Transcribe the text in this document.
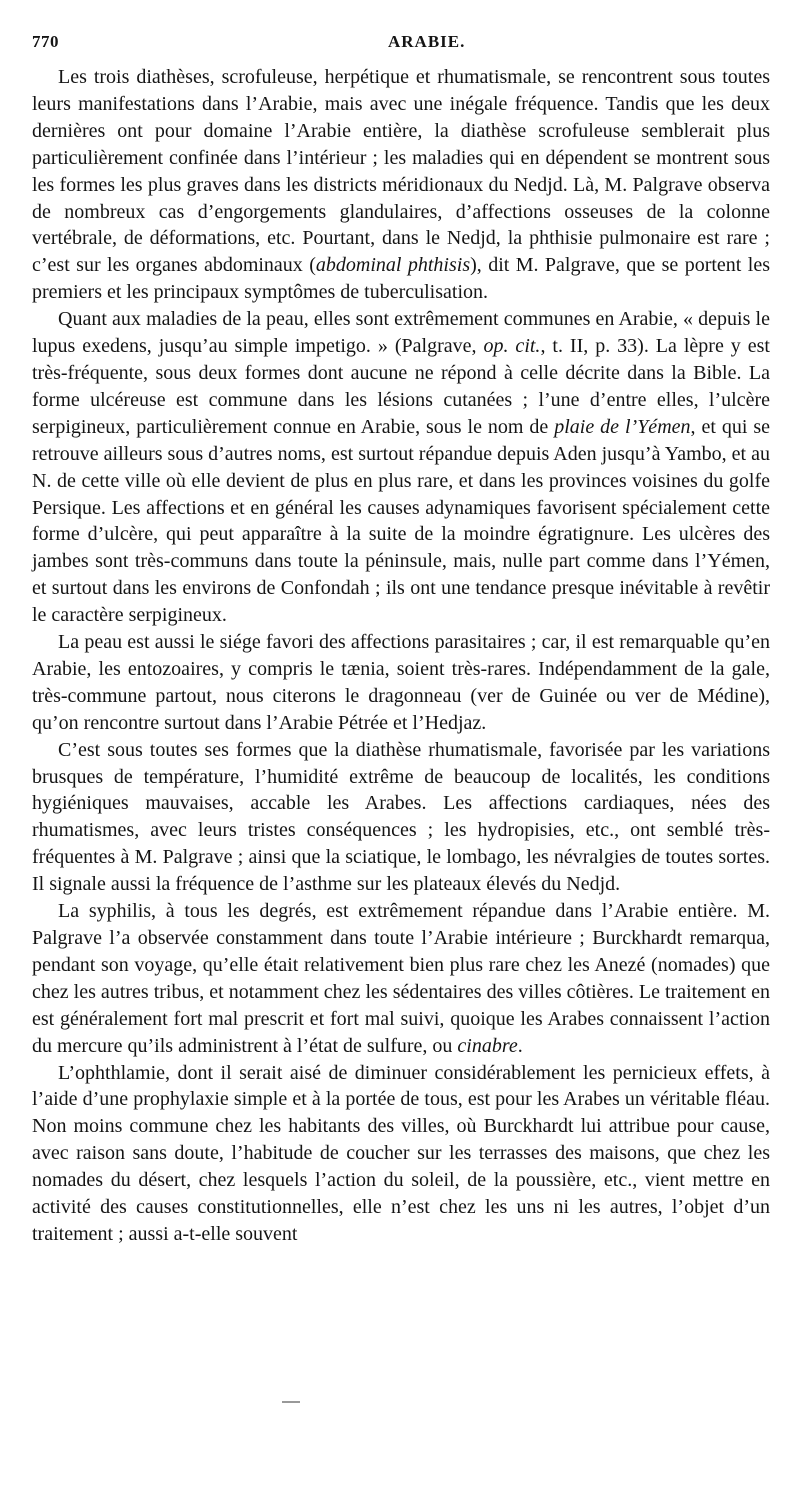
770	ARABIE.

Les trois diathèses, scrofuleuse, herpétique et rhumatismale, se rencontrent sous toutes leurs manifestations dans l’Arabie, mais avec une inégale fréquence. Tandis que les deux dernières ont pour domaine l’Arabie entière, la diathèse scrofuleuse semblerait plus particulièrement confinée dans l’intérieur ; les maladies qui en dépendent se montrent sous les formes les plus graves dans les districts méridionaux du Nedjd. Là, M. Palgrave observa de nombreux cas d’engorgements glandulaires, d’affections osseuses de la colonne vertébrale, de déformations, etc. Pourtant, dans le Nedjd, la phthisie pulmonaire est rare ; c’est sur les organes abdominaux (abdominal phthisis), dit M. Palgrave, que se portent les premiers et les principaux symptômes de tuberculisation.

Quant aux maladies de la peau, elles sont extrêmement communes en Arabie, « depuis le lupus exedens, jusqu’au simple impetigo. » (Palgrave, op. cit., t. II, p. 33). La lèpre y est très-fréquente, sous deux formes dont aucune ne répond à celle décrite dans la Bible. La forme ulcéreuse est commune dans les lésions cutanées ; l’une d’entre elles, l’ulcère serpigineux, particulièrement connue en Arabie, sous le nom de plaie de l’Yémen, et qui se retrouve ailleurs sous d’autres noms, est surtout répandue depuis Aden jusqu’à Yambo, et au N. de cette ville où elle devient de plus en plus rare, et dans les provinces voisines du golfe Persique. Les affections et en général les causes adynamiques favorisent spécialement cette forme d’ulcère, qui peut apparaître à la suite de la moindre égratignure. Les ulcères des jambes sont très-communs dans toute la péninsule, mais, nulle part comme dans l’Yémen, et surtout dans les environs de Confondah ; ils ont une tendance presque inévitable à revêtir le caractère serpigineux.

La peau est aussi le siége favori des affections parasitaires ; car, il est remarquable qu’en Arabie, les entozoaires, y compris le tænia, soient très-rares. Indépendamment de la gale, très-commune partout, nous citerons le dragonneau (ver de Guinée ou ver de Médine), qu’on rencontre surtout dans l’Arabie Pétrée et l’Hedjaz.

C’est sous toutes ses formes que la diathèse rhumatismale, favorisée par les variations brusques de température, l’humidité extrême de beaucoup de localités, les conditions hygiéniques mauvaises, accable les Arabes. Les affections cardiaques, nées des rhumatismes, avec leurs tristes conséquences ; les hydropisies, etc., ont semblé très-fréquentes à M. Palgrave ; ainsi que la sciatique, le lombago, les névralgies de toutes sortes. Il signale aussi la fréquence de l’asthme sur les plateaux élevés du Nedjd.

La syphilis, à tous les degrés, est extrêmement répandue dans l’Arabie entière. M. Palgrave l’a observée constamment dans toute l’Arabie intérieure ; Burckhardt remarqua, pendant son voyage, qu’elle était relativement bien plus rare chez les Anezé (nomades) que chez les autres tribus, et notamment chez les sédentaires des villes côtières. Le traitement en est généralement fort mal prescrit et fort mal suivi, quoique les Arabes connaissent l’action du mercure qu’ils administrent à l’état de sulfure, ou cinabre.

L’ophthlamie, dont il serait aisé de diminuer considérablement les pernicieux effets, à l’aide d’une prophylaxie simple et à la portée de tous, est pour les Arabes un véritable fléau. Non moins commune chez les habitants des villes, où Burckhardt lui attribue pour cause, avec raison sans doute, l’habitude de coucher sur les terrasses des maisons, que chez les nomades du désert, chez lesquels l’action du soleil, de la poussière, etc., vient mettre en activité des causes constitutionnelles, elle n’est chez les uns ni les autres, l’objet d’un traitement ; aussi a-t-elle souvent
